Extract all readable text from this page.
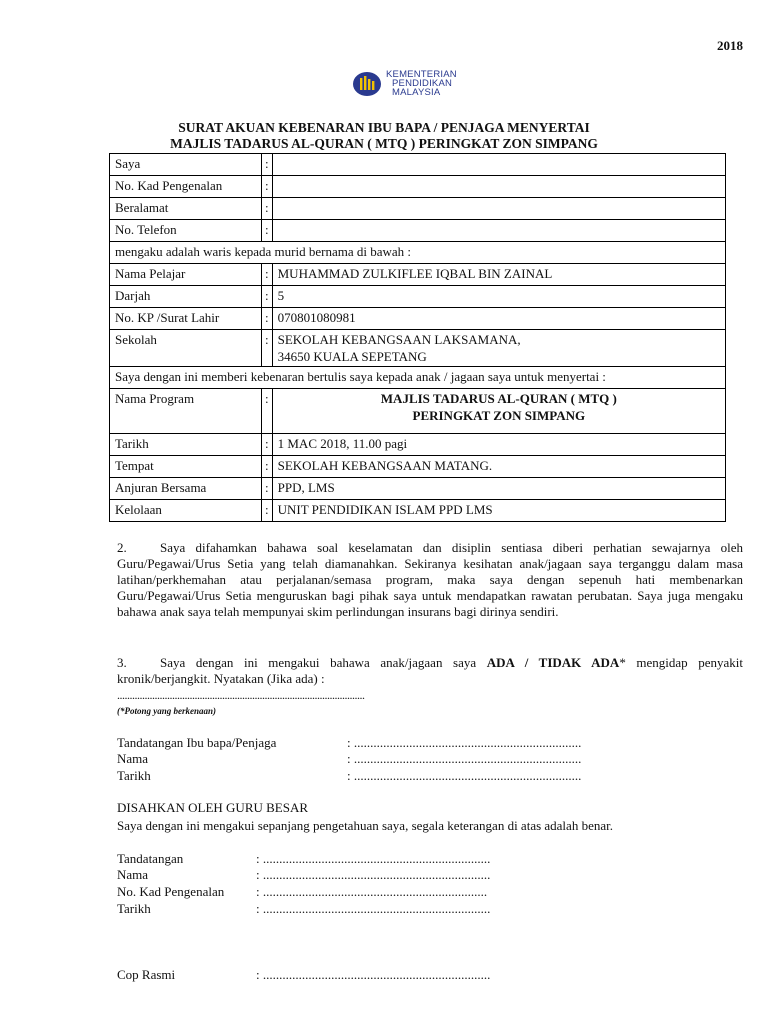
2018
KEMENTERIAN
PENDIDIKAN
MALAYSIA
SURAT AKUAN KEBENARAN IBU BAPA / PENJAGA MENYERTAI
MAJLIS TADARUS AL-QURAN ( MTQ ) PERINGKAT ZON SIMPANG
Saya	:	
No. Kad Pengenalan	:	
Beralamat	:	
No. Telefon	:	
mengaku adalah waris kepada murid bernama di bawah :		
Nama Pelajar	:	MUHAMMAD ZULKIFLEE IQBAL BIN ZAINAL
Darjah	:	5
No. KP /Surat Lahir	:	070801080981
Sekolah	:	SEKOLAH KEBANGSAAN LAKSAMANA,
34650 KUALA SEPETANG

Saya dengan ini memberi kebenaran bertulis saya kepada anak / jagaan saya untuk menyertai :		
Nama Program	:	MAJLIS TADARUS AL-QURAN ( MTQ )
PERINGKAT ZON SIMPANG

Tarikh	:	1 MAC 2018, 11.00 pagi
Tempat	:	SEKOLAH KEBANGSAAN MATANG.
Anjuran Bersama	:	PPD, LMS
Kelolaan	:	UNIT PENDIDIKAN ISLAM PPD LMS
2.	Saya difahamkan bahawa soal keselamatan dan disiplin sentiasa diberi perhatian sewajarnya oleh Guru/Pegawai/Urus Setia yang telah diamanahkan. Sekiranya kesihatan anak/jagaan saya terganggu dalam masa latihan/perkhemahan atau perjalanan/semasa program, maka saya dengan sepenuh hati membenarkan Guru/Pegawai/Urus Setia menguruskan bagi pihak saya untuk mendapatkan rawatan perubatan. Saya juga mengaku bahawa anak saya telah mempunyai skim perlindungan insurans bagi dirinya sendiri.
3.	Saya dengan ini mengakui bahawa anak/jagaan saya ADA / TIDAK ADA* mengidap penyakit kronik/berjangkit. Nyatakan (Jika ada) :
...................................................................................................
(*Potong yang berkenaan)
Tandatangan Ibu bapa/Penjaga	: ......................................................................
Nama	: ......................................................................
Tarikh	: ......................................................................
DISAHKAN OLEH GURU BESAR
Saya dengan ini mengakui sepanjang pengetahuan saya, segala keterangan di atas adalah benar.
Tandatangan	: ......................................................................
Nama	: ......................................................................
No. Kad Pengenalan : .....................................................................
Tarikh	: ......................................................................
Cop Rasmi	: ......................................................................
